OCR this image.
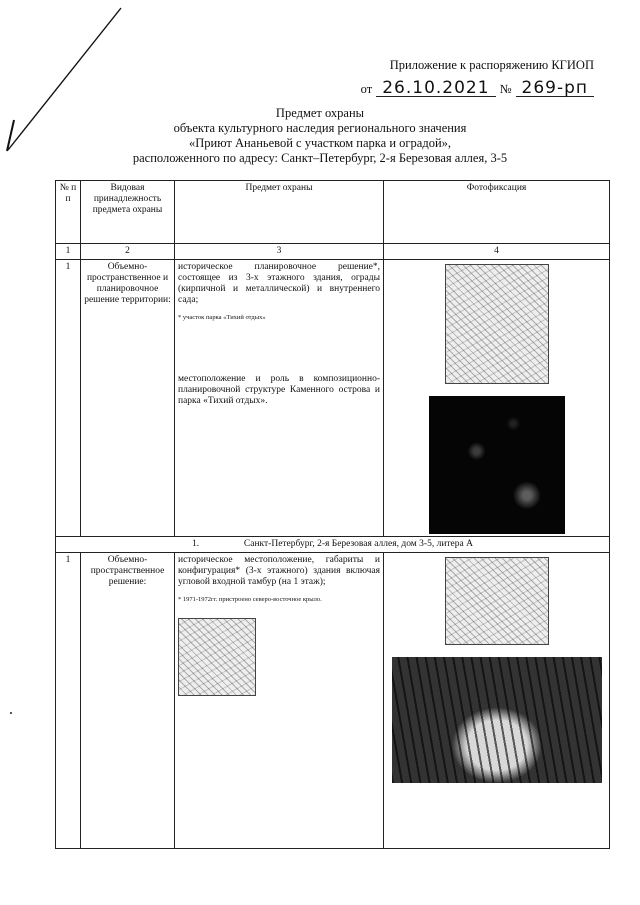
Приложение к распоряжению КГИОП
от 26.10.2021 № 269-рп
Предмет охраны
объекта культурного наследия регионального значения
«Приют Ананьевой с участком парка и оградой»,
расположенного по адресу: Санкт–Петербург, 2-я Березовая аллея, 3-5
№ п п	Видовая принадлежность предмета охраны	Предмет охраны	Фотофиксация
1	2	3	4
1	Объемно-пространственное и планировочное решение территории:	историческое планировочное решение*, состоящее из 3-х этажного здания, ограды (кирпичной и металлической) и внутреннего сада;
* участок парка «Тихий отдых»
местоположение и роль в композиционно-планировочной структуре Каменного острова и парка «Тихий отдых».	

1. Санкт-Петербург, 2-я Березовая аллея, дом 3-5, литера А			
1	Объемно-пространственное решение:	историческое местоположение, габариты и конфигурация* (3-х этажного) здания включая угловой входной тамбур (на 1 этаж);
* 1971-1972гг. пристроено северо-восточное крыло.	
